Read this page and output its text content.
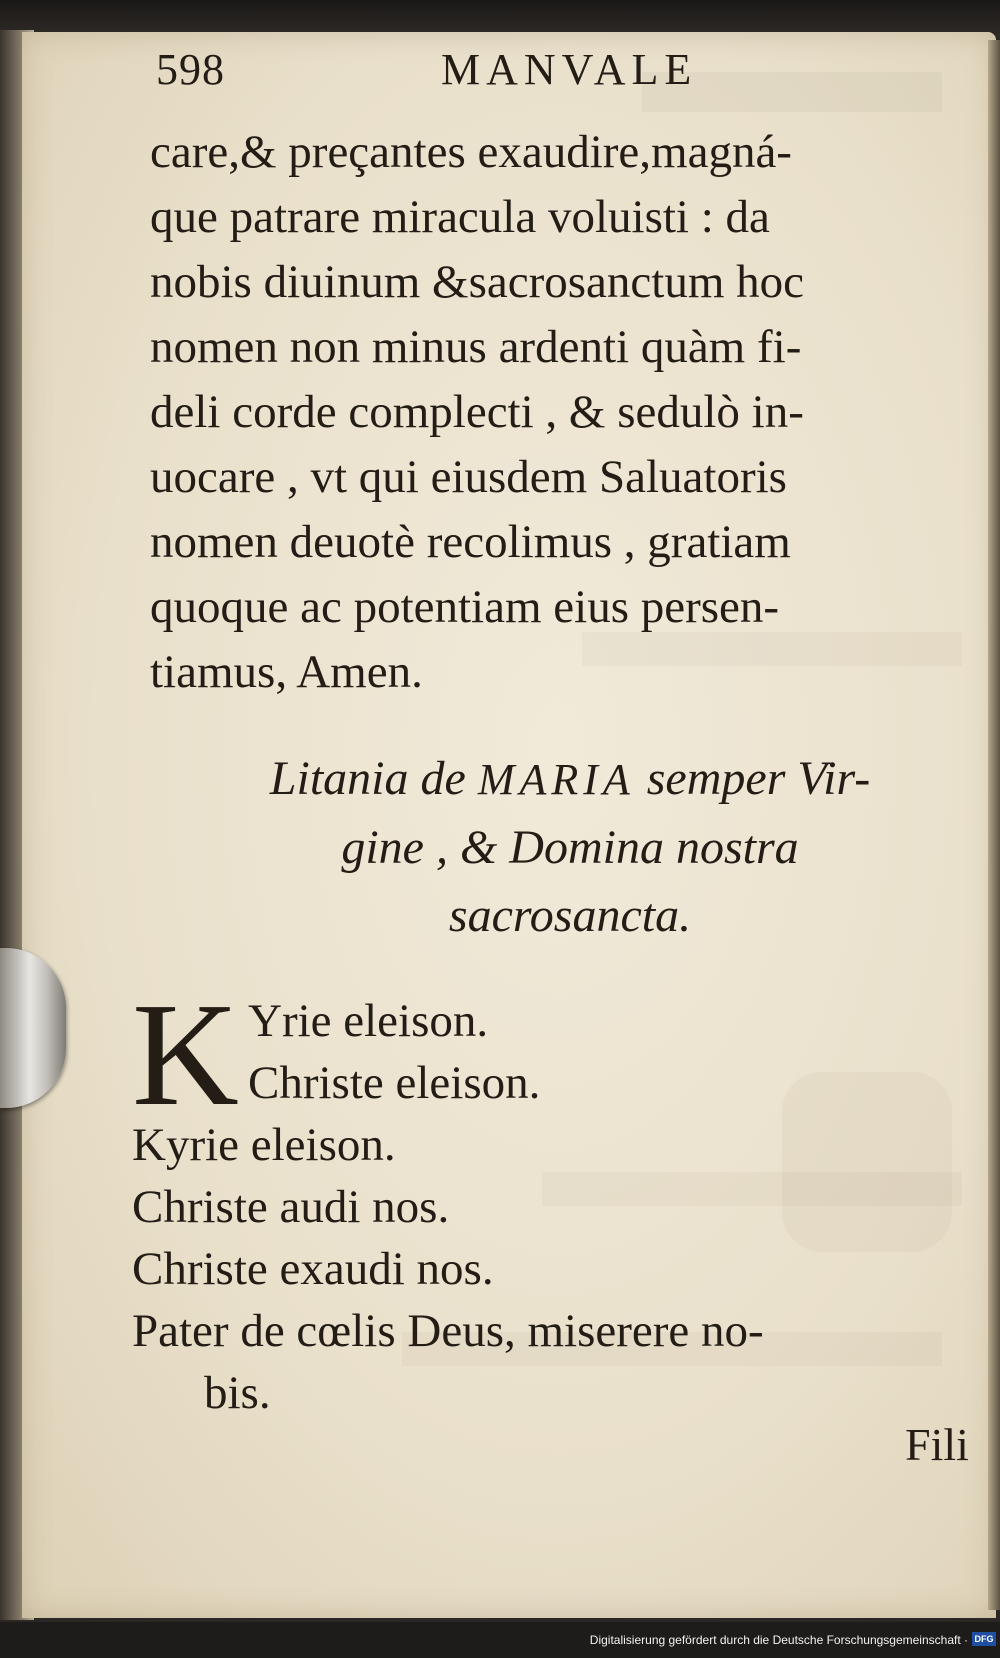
598	MANVALE
care,& preçantes exaudire,magná-
que patrare miracula voluisti : da
nobis diuinum &sacrosanctum hoc
nomen non minus ardenti quàm fi-
deli corde complecti , & sedulò in-
uocare , vt qui eiusdem Saluatoris
nomen deuotè recolimus , gratiam
quoque ac potentiam eius persen-
tiamus, Amen.
Litania de MARIA semper Vir-
gine , & Domina nostra
sacrosancta.
K Yrie eleison.
Christe eleison.
Kyrie eleison.
Christe audi nos.
Christe exaudi nos.
Pater de cœlis Deus, miserere no-
bis.
Fili
Digitalisierung gefördert durch die Deutsche Forschungsgemeinschaft · DFG
